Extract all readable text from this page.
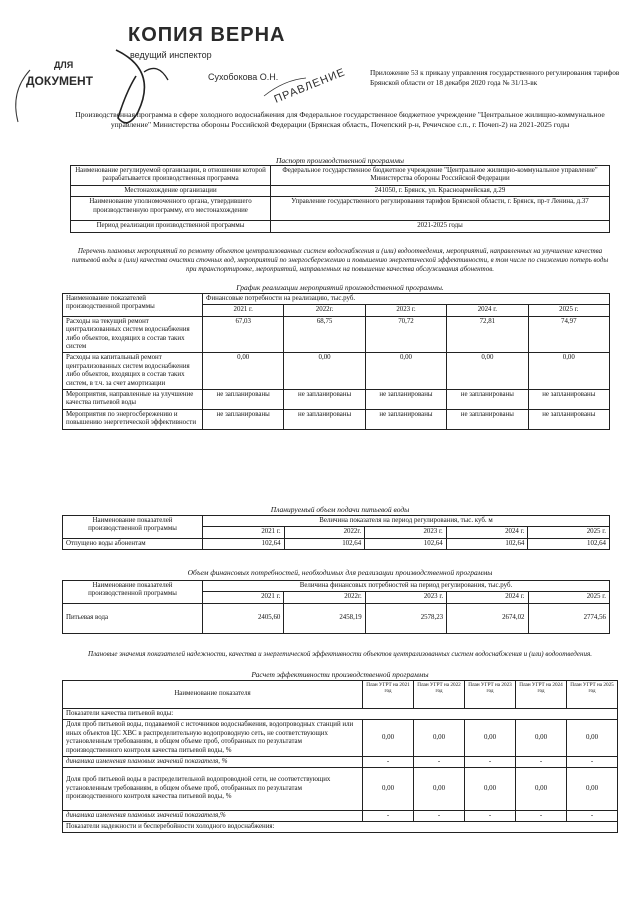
КОПИЯ ВЕРНА
ведущий инспектор
ДЛЯ
ДОКУМЕНТ	Сухобокова О.Н.
ПРАВЛЕНИЕ	Приложение 53 к приказу управления государственного регулирования тарифов Брянской области от 18 декабря 2020 года № 31/13-вк
Производственная программа в сфере холодного водоснабжения для Федеральное государственное бюджетное учреждение "Центральное жилищно-коммунальное управление" Министерства обороны Российской Федерации (Брянская область, Почепский р-н, Речичское с.п., г. Почеп-2) на 2021-2025 годы
Паспорт производственной программы
Наименование регулируемой организации, в отношении которой разрабатывается производственная программа	Федеральное государственное бюджетное учреждение "Центральное жилищно-коммунальное управление" Министерства обороны Российской Федерации
Местонахождение организации	241050, г. Брянск, ул. Красноармейская, д.29
Наименование уполномоченного органа, утвердившего производственную программу, его местонахождение	Управление государственного регулирования тарифов Брянской области, г. Брянск, пр-т Ленина, д.37
Период реализации производственной программы	2021-2025 годы
Перечень плановых мероприятий по ремонту объектов централизованных систем водоснабжения и (или) водоотведения, мероприятий, направленных на улучшение качества питьевой воды и (или) качества очистки сточных вод, мероприятий по энергосбережению и повышению энергетической эффективности, в том числе по снижению потерь воды при транспортировке, мероприятий, направленных на повышение качества обслуживания абонентов.
График реализации мероприятий производственной программы.
Наименование показателей производственной программы	Финансовые потребности на реализацию, тыс.руб.				
	2021 г.	2022г.	2023 г.	2024 г.	2025 г.
Расходы на текущий ремонт централизованных систем водоснабжения либо объектов, входящих в состав таких систем	67,03	68,75	70,72	72,81	74,97
Расходы на капитальный ремонт централизованных систем водоснабжения либо объектов, входящих в состав таких систем, в т.ч. за счет амортизации	0,00	0,00	0,00	0,00	0,00
Мероприятия, направленные на улучшение качества питьевой воды	не запланированы	не запланированы	не запланированы	не запланированы	не запланированы
Мероприятия по энергосбережению и повышению энергетической эффективности	не запланированы	не запланированы	не запланированы	не запланированы	не запланированы
Планируемый объем подачи питьевой воды
Наименование показателей производственной программы	Величина показателя на период регулирования, тыс. куб. м				
	2021 г.	2022г.	2023 г.	2024 г.	2025 г.
Отпущено воды абонентам	102,64	102,64	102,64	102,64	102,64
Объем финансовых потребностей, необходимых для реализации производственной программы
Наименование показателей производственной программы	Величина финансовых потребностей на период регулирования, тыс.руб.				
	2021 г.	2022г.	2023 г.	2024 г.	2025 г.
Питьевая вода	2405,60	2458,19	2578,23	2674,02	2774,56
Плановые значения показателей надежности, качества и энергетической эффективности объектов централизованных систем водоснабжения и (или) водоотведения.
Расчет эффективности производственной программы
Наименование показателя	План УГРТ на 2021 год	План УГРТ на 2022 год	План УГРТ на 2023 год	План УГРТ на 2024 год	План УГРТ на 2025 год
Показатели качества питьевой воды:					
Доля проб питьевой воды, подаваемой с источников водоснабжения, водопроводных станций или иных объектов ЦС ХВС в распределительную водопроводную сеть, не соответствующих установленным требованиям, в общем объеме проб, отобранных по результатам производственного контроля качества питьевой воды, %	0,00	0,00	0,00	0,00	0,00
динамика изменения плановых значений показателя, %	-	-	-	-	-
Доля проб питьевой воды в распределительной водопроводной сети, не соответствующих установленным требованиям, в общем объеме проб, отобранных по результатам производственного контроля качества питьевой воды, %	0,00	0,00	0,00	0,00	0,00
динамика изменения плановых значений показателя,%	-	-	-	-	-
Показатели надежности и бесперебойности холодного водоснабжения:					
